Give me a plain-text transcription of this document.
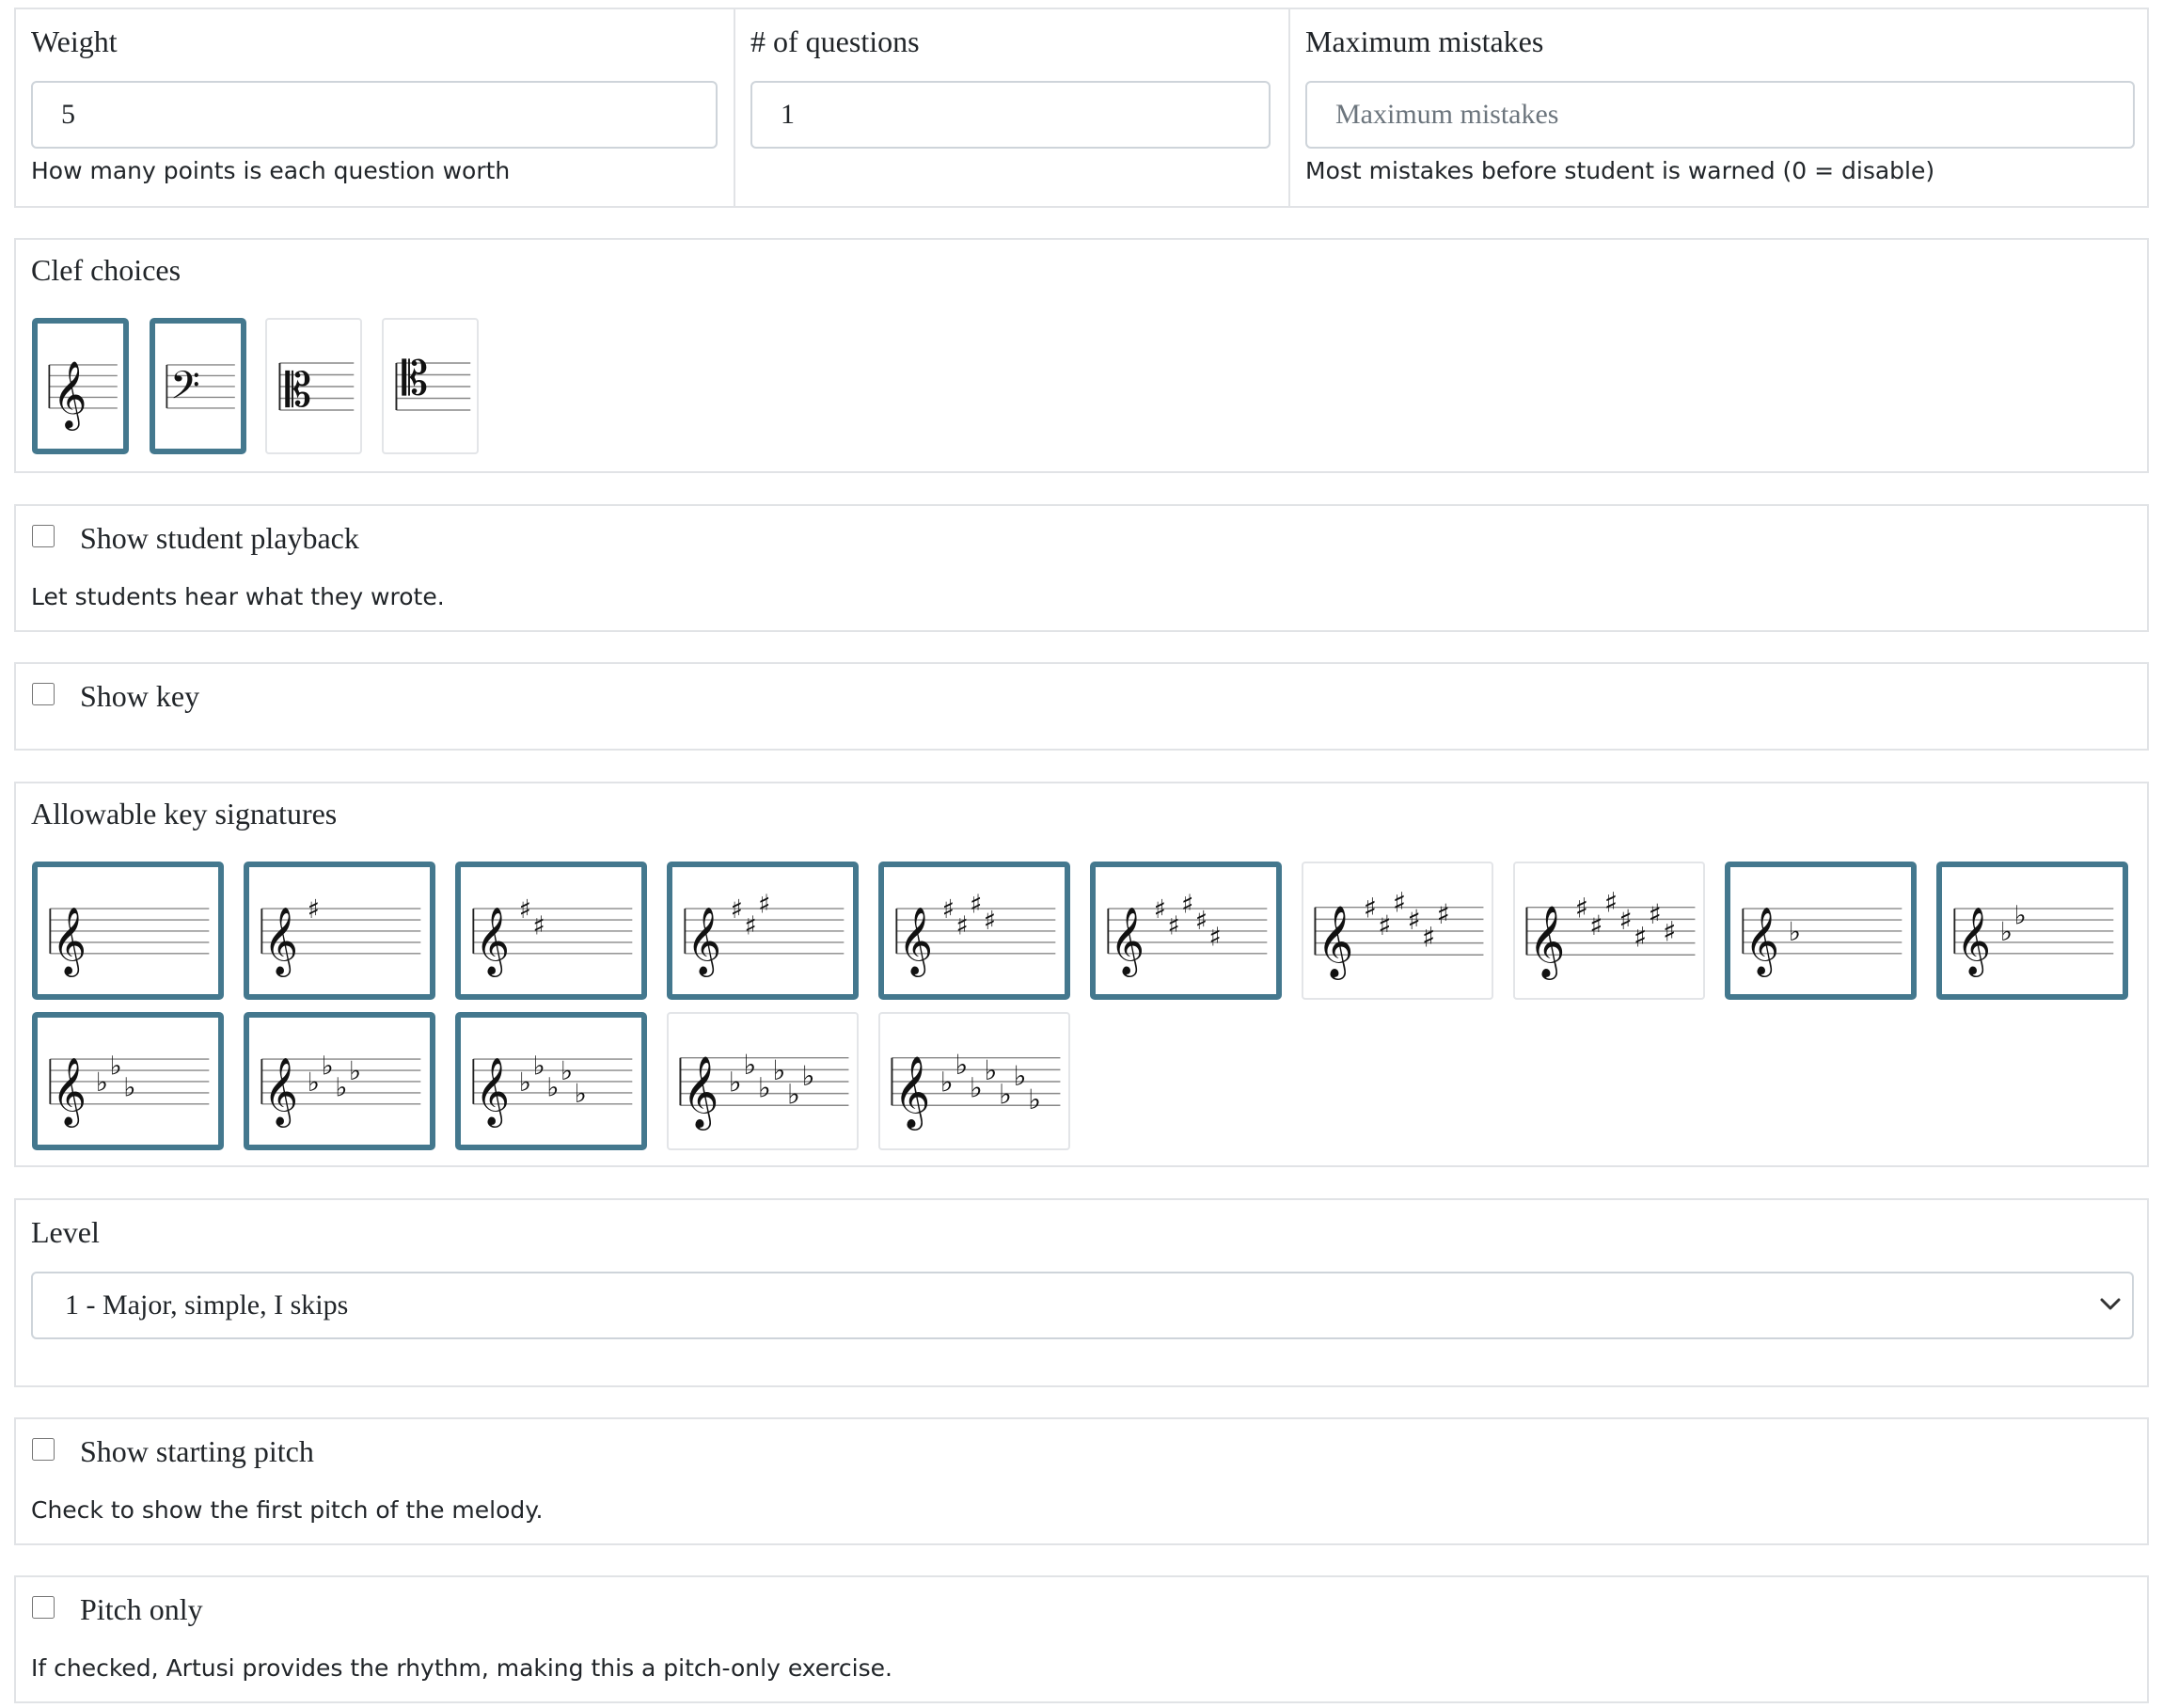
Weight
5
How many points is each question worth
# of questions
1	Maximum mistakes
Maximum mistakes
Most mistakes before student is warned (0 = disable)
Clef choices
𝄞 𝄢 𝄡 𝄡
Show student playback
Let students hear what they wrote.
Show key
Allowable key signatures
𝄞	𝄞 ♯ 𝄞 ♯
♯ 𝄞 ♯
♯
♯
𝄞 ♯
♯
♯
♯ 𝄞 ♯
♯
♯
♯
♯ 𝄞 ♯
♯
♯
♯
♯
♯ 𝄞 ♯
♯
♯
♯
♯
♯
♯ 𝄞 ♭ 𝄞 ♭
♭
𝄞 ♭
♭
♭ 𝄞 ♭
♭
♭
♭ 𝄞 ♭
♭
♭
♭
♭ 𝄞 ♭
♭
♭
♭
♭
♭ 𝄞 ♭
♭
♭
♭
♭
♭
♭
Level
1 - Major, simple, I skips
Show starting pitch
Check to show the first pitch of the melody.
Pitch only
If checked, Artusi provides the rhythm, making this a pitch-only exercise.
